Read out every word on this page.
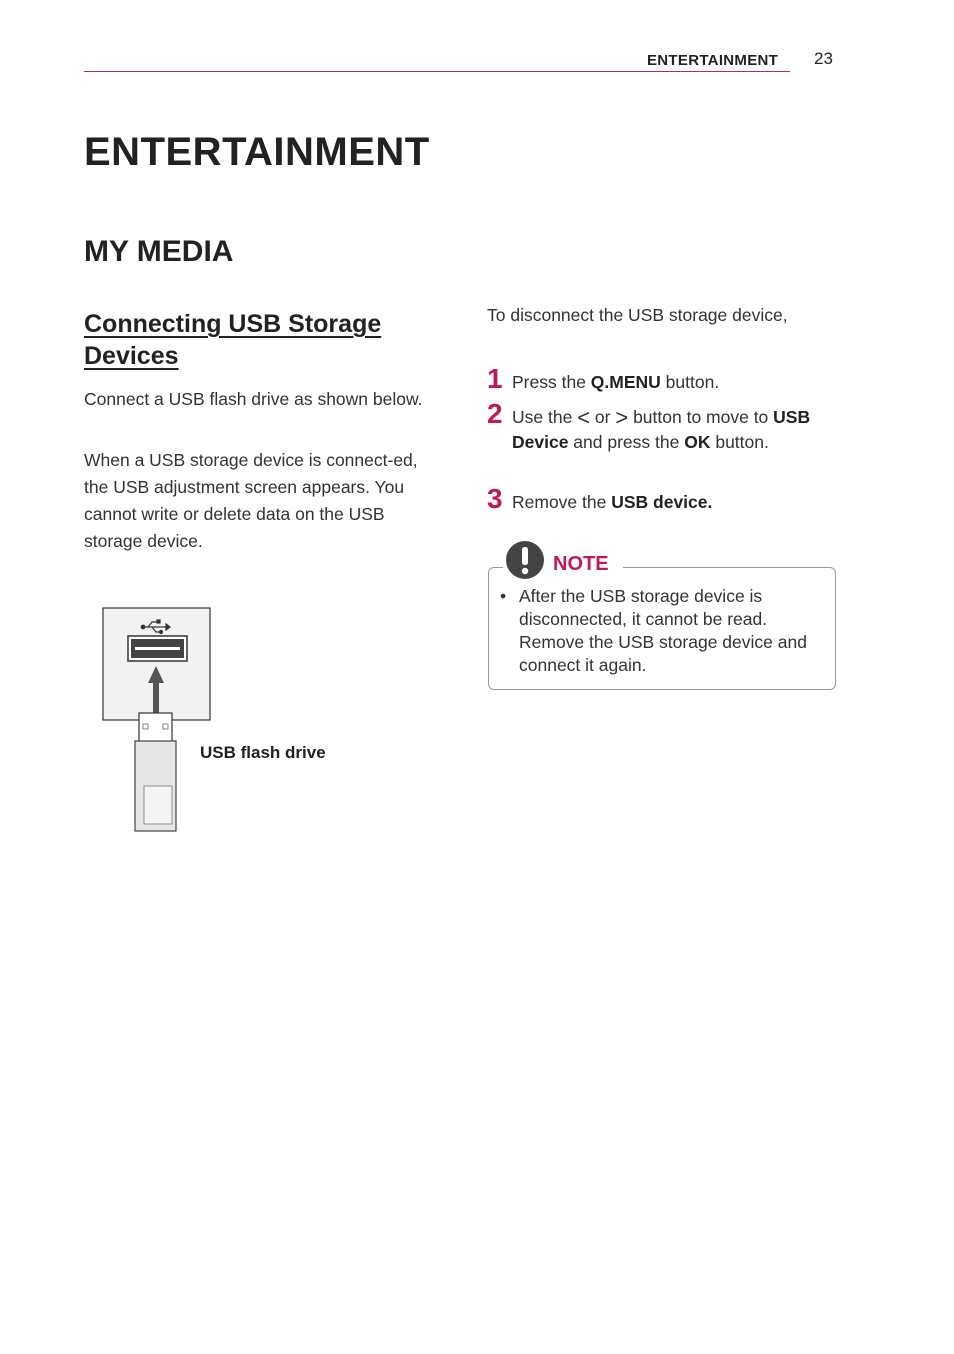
ENTERTAINMENT 23
ENTERTAINMENT
MY MEDIA
Connecting USB Storage Devices

Connect a USB flash drive as shown below.

When a USB storage device is connect-ed, the USB adjustment screen appears. You cannot write or delete data on the USB storage device.

USB flash drive

To disconnect the USB storage device,

1 Press the Q.MENU button.

2 Use the < or > button to move to USB Device and press the OK button.

3 Remove the USB device.

NOTE
• After the USB storage device is disconnected, it cannot be read. Remove the USB storage device and connect it again.
